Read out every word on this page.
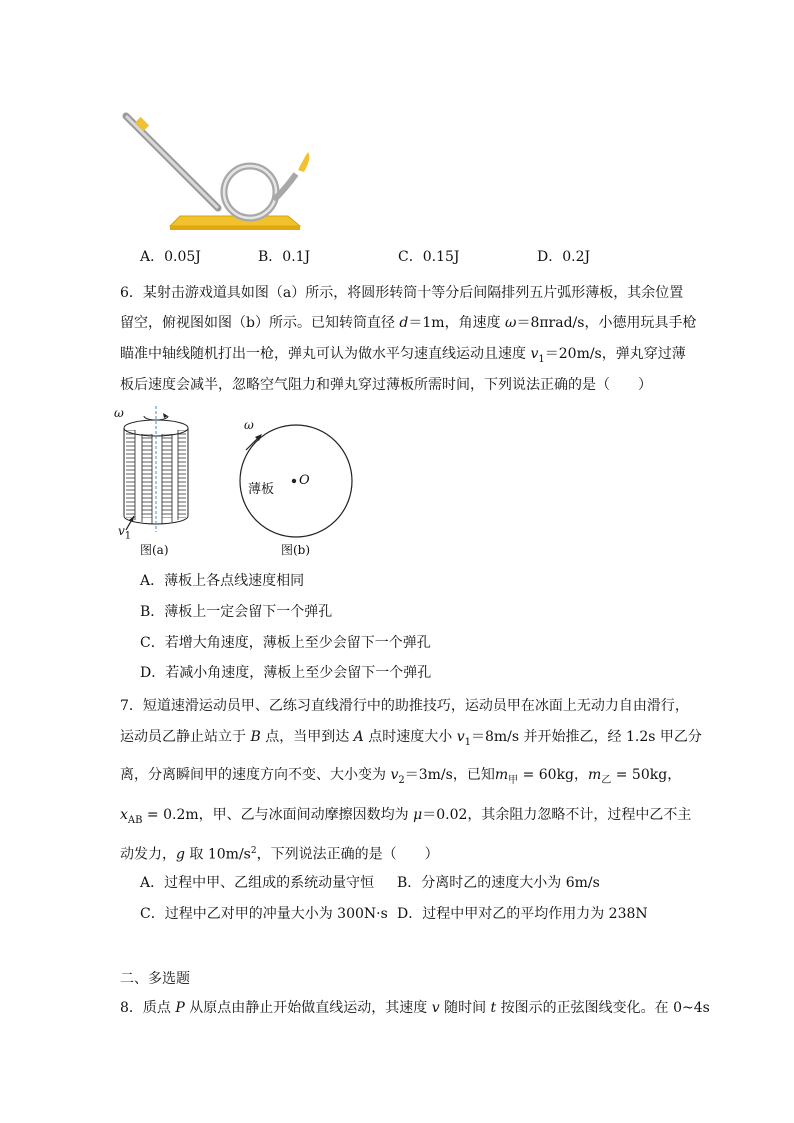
A．0.05J	B．0.1J	C．0.15J	D．0.2J
6．某射击游戏道具如图（a）所示，将圆形转筒十等分后间隔排列五片弧形薄板，其余位置
留空，俯视图如图（b）所示。已知转筒直径 d＝1m，角速度 ω＝8πrad/s，小德用玩具手枪
瞄准中轴线随机打出一枪，弹丸可认为做水平匀速直线运动且速度 $v_1=20m/s$，弹丸穿过薄
板后速度会减半，忽略空气阻力和弹丸穿过薄板所需时间，下列说法正确的是（　　）
ω
$v_1$
图(a)
ω
薄板
O
图(b)
A．薄板上各点线速度相同
B．薄板上一定会留下一个弹孔
C．若增大角速度，薄板上至少会留下一个弹孔
D．若减小角速度，薄板上至少会留下一个弹孔
7．短道速滑运动员甲、乙练习直线滑行中的助推技巧，运动员甲在冰面上无动力自由滑行，
运动员乙静止站立于 B 点，当甲到达 A 点时速度大小 $v_1=8m/s$ 并开始推乙，经 1.2s 甲乙分
离，分离瞬间甲的速度方向不变、大小变为 $v_2=3m/s$，已知$m_甲 = 60kg$，$m_乙 = 50kg$，
$x_{AB} = 0.2m$，甲、乙与冰面间动摩擦因数均为 μ＝0.02，其余阻力忽略不计，过程中乙不主
动发力，g 取 $10m/s^2$，下列说法正确的是（　　）
A．过程中甲、乙组成的系统动量守恒 B．分离时乙的速度大小为 6m/s
C．过程中乙对甲的冲量大小为 300N·s D．过程中甲对乙的平均作用力为 238N
二、多选题
8．质点 P 从原点由静止开始做直线运动，其速度 v 随时间 t 按图示的正弦图线变化。在 0~4s
